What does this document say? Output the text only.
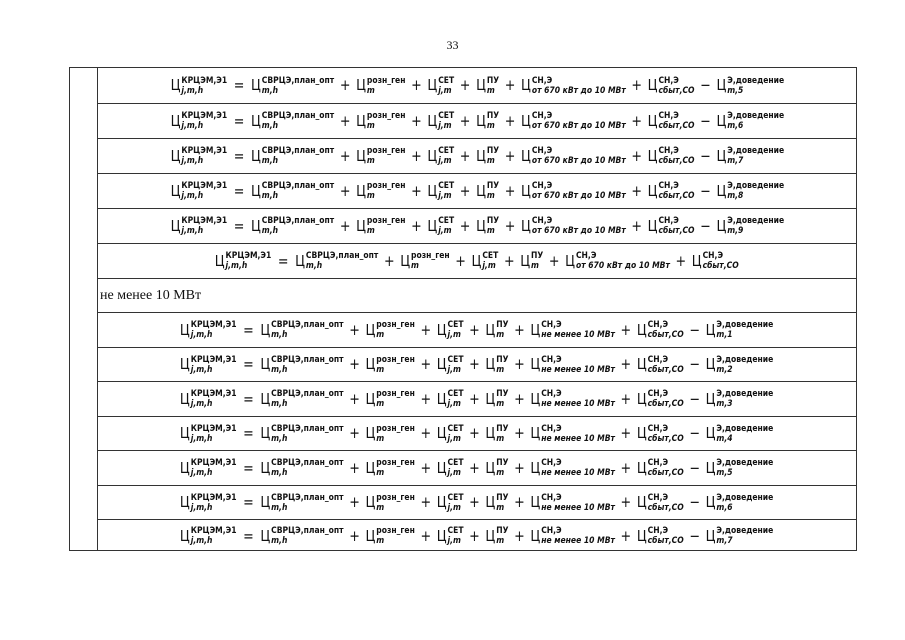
33
Ц КРЦЭМ,Э1
j,m,h	= Ц СВРЦЭ,план_опт
m,h	+ Ц розн_ген
m	+ Ц СЕТ
j,m + Ц ПУ
m + Ц СН,Э
от 670 кВт до 10 МВт + Ц СН,Э
сбыт,СО − Ц Э,доведение
m,5
Ц КРЦЭМ,Э1
j,m,h	= Ц СВРЦЭ,план_опт
m,h	+ Ц розн_ген
m	+ Ц СЕТ
j,m + Ц ПУ
m + Ц СН,Э
от 670 кВт до 10 МВт + Ц СН,Э
сбыт,СО − Ц Э,доведение
m,6
Ц КРЦЭМ,Э1
j,m,h	= Ц СВРЦЭ,план_опт
m,h	+ Ц розн_ген
m	+ Ц СЕТ
j,m + Ц ПУ
m + Ц СН,Э
от 670 кВт до 10 МВт + Ц СН,Э
сбыт,СО − Ц Э,доведение
m,7
Ц КРЦЭМ,Э1
j,m,h	= Ц СВРЦЭ,план_опт
m,h	+ Ц розн_ген
m	+ Ц СЕТ
j,m + Ц ПУ
m + Ц СН,Э
от 670 кВт до 10 МВт + Ц СН,Э
сбыт,СО − Ц Э,доведение
m,8
Ц КРЦЭМ,Э1
j,m,h	= Ц СВРЦЭ,план_опт
m,h	+ Ц розн_ген
m	+ Ц СЕТ
j,m + Ц ПУ
m + Ц СН,Э
от 670 кВт до 10 МВт + Ц СН,Э
сбыт,СО − Ц Э,доведение
m,9
Ц КРЦЭМ,Э1
j,m,h	= Ц СВРЦЭ,план_опт
m,h	+ Ц розн_ген
m	+ Ц СЕТ
j,m + Ц ПУ
m + Ц СН,Э
от 670 кВт до 10 МВт + Ц СН,Э
сбыт,СО
не менее 10 МВт
Ц КРЦЭМ,Э1
j,m,h	= Ц СВРЦЭ,план_опт
m,h	+ Ц розн_ген
m	+ Ц СЕТ
j,m + Ц ПУ
m + Ц СН,Э
не менее 10 МВт + Ц СН,Э
сбыт,СО − Ц Э,доведение
m,1
Ц КРЦЭМ,Э1
j,m,h	= Ц СВРЦЭ,план_опт
m,h	+ Ц розн_ген
m	+ Ц СЕТ
j,m + Ц ПУ
m + Ц СН,Э
не менее 10 МВт + Ц СН,Э
сбыт,СО − Ц Э,доведение
m,2
Ц КРЦЭМ,Э1
j,m,h	= Ц СВРЦЭ,план_опт
m,h	+ Ц розн_ген
m	+ Ц СЕТ
j,m + Ц ПУ
m + Ц СН,Э
не менее 10 МВт + Ц СН,Э
сбыт,СО − Ц Э,доведение
m,3
Ц КРЦЭМ,Э1
j,m,h	= Ц СВРЦЭ,план_опт
m,h	+ Ц розн_ген
m	+ Ц СЕТ
j,m + Ц ПУ
m + Ц СН,Э
не менее 10 МВт + Ц СН,Э
сбыт,СО − Ц Э,доведение
m,4
Ц КРЦЭМ,Э1
j,m,h	= Ц СВРЦЭ,план_опт
m,h	+ Ц розн_ген
m	+ Ц СЕТ
j,m + Ц ПУ
m + Ц СН,Э
не менее 10 МВт + Ц СН,Э
сбыт,СО − Ц Э,доведение
m,5
Ц КРЦЭМ,Э1
j,m,h	= Ц СВРЦЭ,план_опт
m,h	+ Ц розн_ген
m	+ Ц СЕТ
j,m + Ц ПУ
m + Ц СН,Э
не менее 10 МВт + Ц СН,Э
сбыт,СО − Ц Э,доведение
m,6
Ц КРЦЭМ,Э1
j,m,h	= Ц СВРЦЭ,план_опт
m,h	+ Ц розн_ген
m	+ Ц СЕТ
j,m + Ц ПУ
m + Ц СН,Э
не менее 10 МВт + Ц СН,Э
сбыт,СО − Ц Э,доведение
m,7
